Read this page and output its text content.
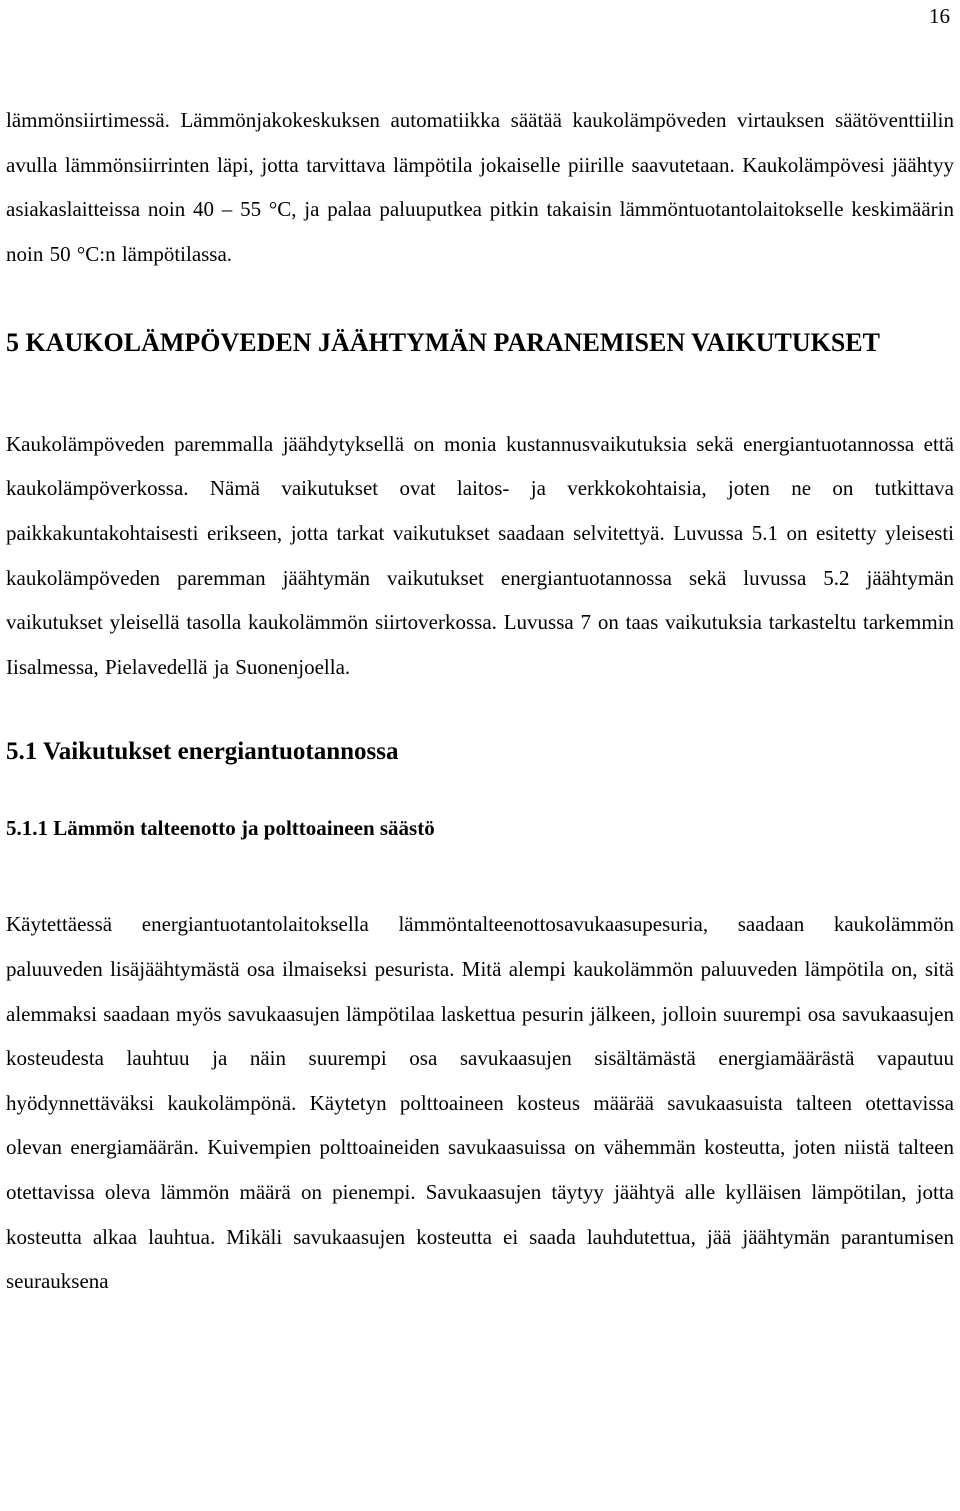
16

lämmönsiirtimessä. Lämmönjakokeskuksen automatiikka säätää kaukolämpöveden virtauksen säätöventtiilin avulla lämmönsiirrinten läpi, jotta tarvittava lämpötila jokaiselle piirille saavutetaan. Kaukolämpövesi jäähtyy asiakaslaitteissa noin 40 – 55 °C, ja palaa paluuputkea pitkin takaisin lämmöntuotantolaitokselle keskimäärin noin 50 °C:n lämpötilassa.

5 KAUKOLÄMPÖVEDEN JÄÄHTYMÄN PARANEMISEN VAIKUTUKSET

Kaukolämpöveden paremmalla jäähdytyksellä on monia kustannusvaikutuksia sekä energiantuotannossa että kaukolämpöverkossa. Nämä vaikutukset ovat laitos- ja verkkokohtaisia, joten ne on tutkittava paikkakuntakohtaisesti erikseen, jotta tarkat vaikutukset saadaan selvitettyä. Luvussa 5.1 on esitetty yleisesti kaukolämpöveden paremman jäähtymän vaikutukset energiantuotannossa sekä luvussa 5.2 jäähtymän vaikutukset yleisellä tasolla kaukolämmön siirtoverkossa. Luvussa 7 on taas vaikutuksia tarkasteltu tarkemmin Iisalmessa, Pielavedellä ja Suonenjoella.

5.1 Vaikutukset energiantuotannossa
5.1.1 Lämmön talteenotto ja polttoaineen säästö

Käytettäessä energiantuotantolaitoksella lämmöntalteenottosavukaasupesuria, saadaan kaukolämmön paluuveden lisäjäähtymästä osa ilmaiseksi pesurista. Mitä alempi kaukolämmön paluuveden lämpötila on, sitä alemmaksi saadaan myös savukaasujen lämpötilaa laskettua pesurin jälkeen, jolloin suurempi osa savukaasujen kosteudesta lauhtuu ja näin suurempi osa savukaasujen sisältämästä energiamäärästä vapautuu hyödynnettäväksi kaukolämpönä. Käytetyn polttoaineen kosteus määrää savukaasuista talteen otettavissa olevan energiamäärän. Kuivempien polttoaineiden savukaasuissa on vähemmän kosteutta, joten niistä talteen otettavissa oleva lämmön määrä on pienempi. Savukaasujen täytyy jäähtyä alle kylläisen lämpötilan, jotta kosteutta alkaa lauhtua. Mikäli savukaasujen kosteutta ei saada lauhdutettua, jää jäähtymän parantumisen seurauksena
